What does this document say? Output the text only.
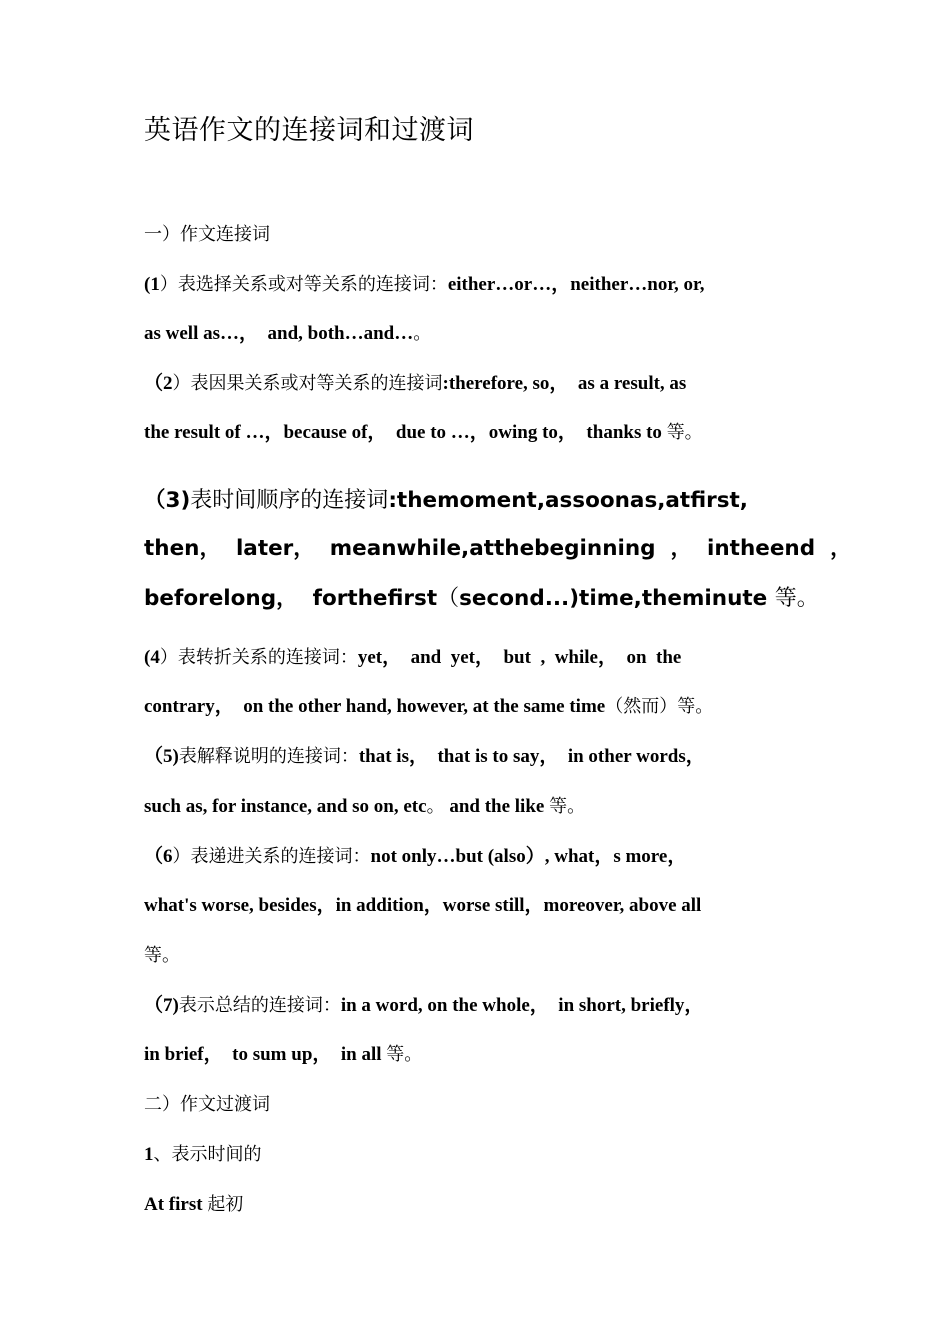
英语作文的连接词和过渡词
一）作文连接词
(1）表选择关系或对等关系的连接词：either…or…，neither…nor, or,
as well as…，  and, both…and…。
（2）表因果关系或对等关系的连接词:therefore, so，  as a result, as
the result of …，because of，  due to …，owing to，  thanks to 等。
（3)表时间顺序的连接词:themoment,assoonas,atfirst,
then，  later，  meanwhile,atthebeginning  ，  intheend  ，
beforelong，  forthefirst（second...)time,theminute 等。
(4）表转折关系的连接词：yet，  and  yet，  but  ,  while，  on  the
contrary，  on the other hand, however, at the same time（然而）等。
（5)表解释说明的连接词：that is，  that is to say，  in other words，
such as, for instance, and so on, etc。 and the like 等。
（6）表递进关系的连接词：not only…but (also）, what，s more，
what's worse, besides，in addition，worse still，moreover, above all
等。
（7)表示总结的连接词：in a word, on the whole，  in short, briefly，
in brief，  to sum up，  in all 等。
二）作文过渡词
1、表示时间的
At first 起初
